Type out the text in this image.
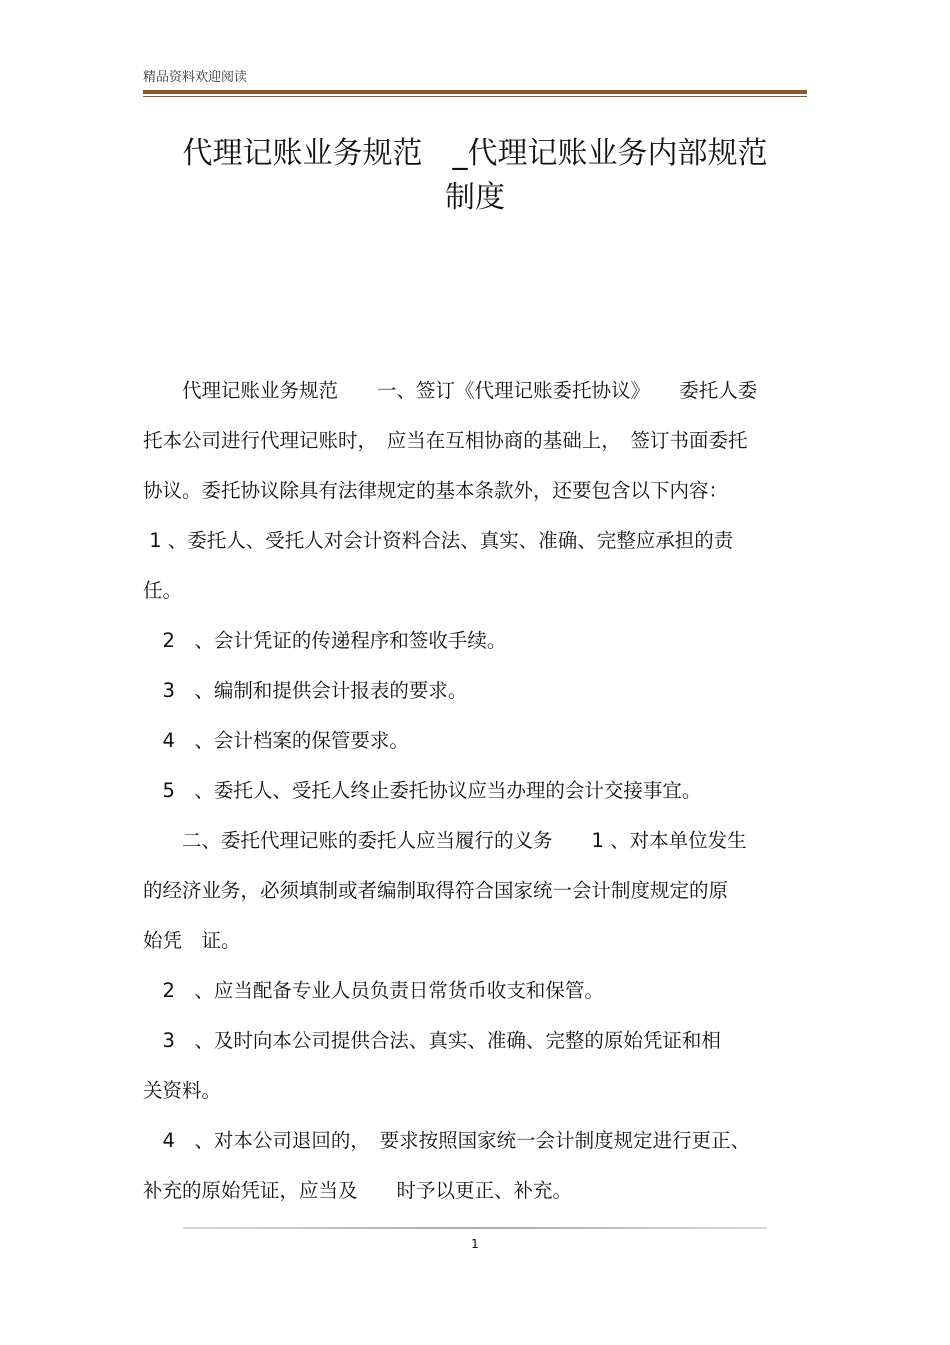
精品资料欢迎阅读
代理记账业务规范　_代理记账业务内部规范
制度
　　代理记账业务规范　　一、签订《代理记账委托协议》　　委托人委
托本公司进行代理记账时，　应当在互相协商的基础上，　签订书面委托
协议。委托协议除具有法律规定的基本条款外，还要包含以下内容：
1 、委托人、受托人对会计资料合法、真实、准确、完整应承担的责
任。
　2　、会计凭证的传递程序和签收手续。
　3　、编制和提供会计报表的要求。
　4　、会计档案的保管要求。
　5　、委托人、受托人终止委托协议应当办理的会计交接事宜。
　　二、委托代理记账的委托人应当履行的义务　　1 、对本单位发生
的经济业务，必须填制或者编制取得符合国家统一会计制度规定的原
始凭　证。
　2　、应当配备专业人员负责日常货币收支和保管。
　3　、及时向本公司提供合法、真实、准确、完整的原始凭证和相
关资料。
　4　、对本公司退回的，　要求按照国家统一会计制度规定进行更正、
补充的原始凭证，应当及　　时予以更正、补充。
1
